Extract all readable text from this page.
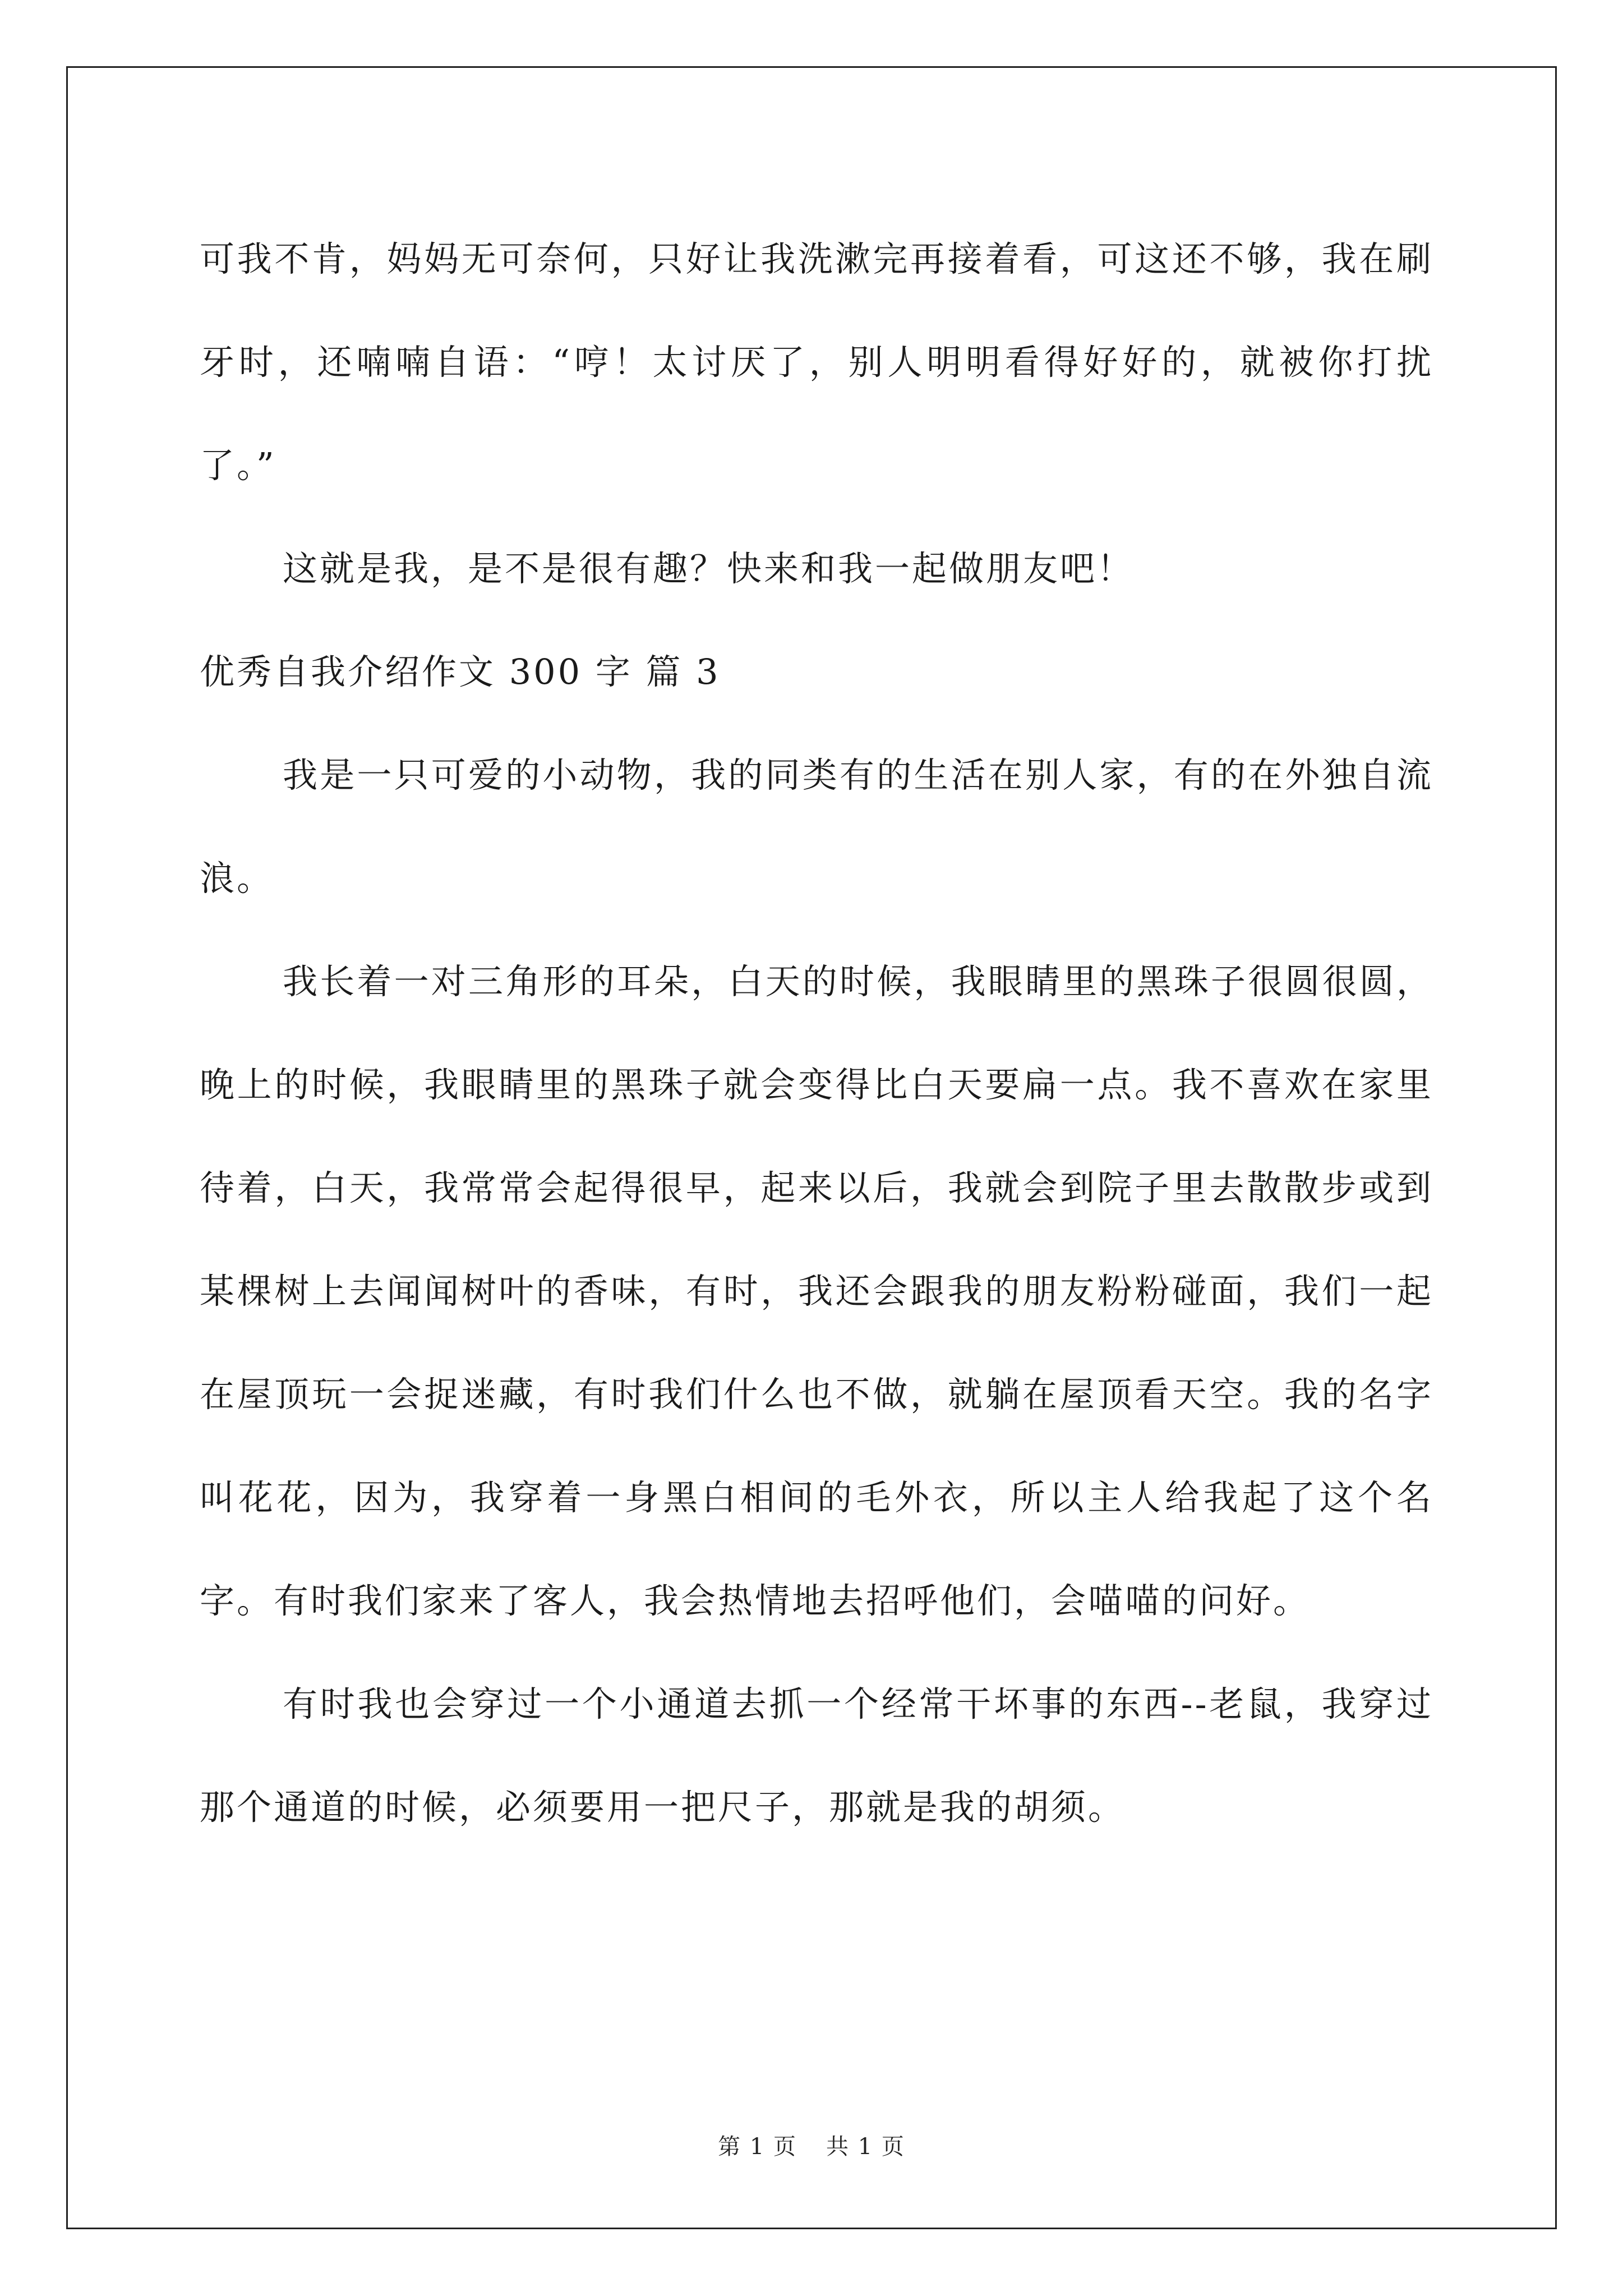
可我不肯，妈妈无可奈何，只好让我洗漱完再接着看，可这还不够，我在刷牙时，还喃喃自语：“哼！太讨厌了，别人明明看得好好的，就被你打扰了。”

这就是我，是不是很有趣？快来和我一起做朋友吧！

优秀自我介绍作文 300 字 篇 3

我是一只可爱的小动物，我的同类有的生活在别人家，有的在外独自流浪。

我长着一对三角形的耳朵，白天的时候，我眼睛里的黑珠子很圆很圆，晚上的时候，我眼睛里的黑珠子就会变得比白天要扁一点。我不喜欢在家里待着，白天，我常常会起得很早，起来以后，我就会到院子里去散散步或到某棵树上去闻闻树叶的香味，有时，我还会跟我的朋友粉粉碰面，我们一起在屋顶玩一会捉迷藏，有时我们什么也不做，就躺在屋顶看天空。我的名字叫花花，因为，我穿着一身黑白相间的毛外衣，所以主人给我起了这个名字。有时我们家来了客人，我会热情地去招呼他们，会喵喵的问好。

有时我也会穿过一个小通道去抓一个经常干坏事的东西--老鼠，我穿过那个通道的时候，必须要用一把尺子，那就是我的胡须。

第 1 页 共 1 页
